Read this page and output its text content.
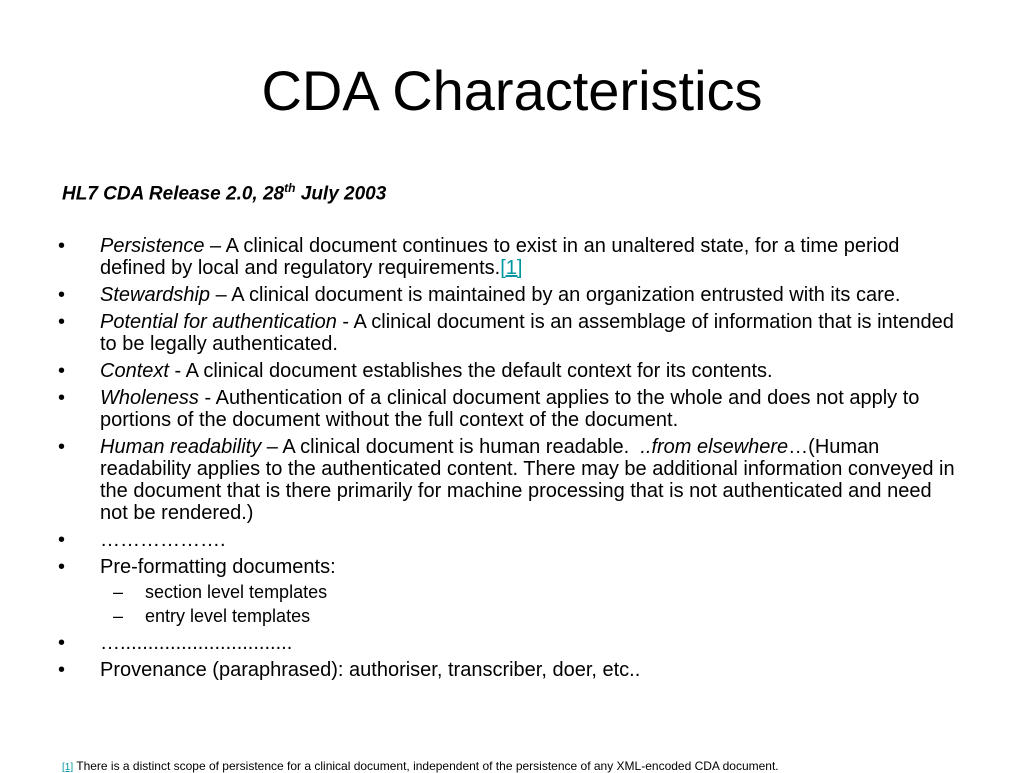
CDA Characteristics
HL7 CDA Release 2.0, 28th July 2003
• Persistence – A clinical document continues to exist in an unaltered state, for a time period defined by local and regulatory requirements.[1]
• Stewardship – A clinical document is maintained by an organization entrusted with its care.
• Potential for authentication - A clinical document is an assemblage of information that is intended to be legally authenticated.
• Context - A clinical document establishes the default context for its contents.
• Wholeness - Authentication of a clinical document applies to the whole and does not apply to portions of the document without the full context of the document.
• Human readability – A clinical document is human readable.  ..from elsewhere…(Human readability applies to the authenticated content. There may be additional information conveyed in the document that is there primarily for machine processing that is not authenticated and need not be rendered.)
• ……………….
• Pre-formatting documents:
– section level templates
– entry level templates
• …...............................
• Provenance (paraphrased): authoriser, transcriber, doer, etc..
[1] There is a distinct scope of persistence for a clinical document, independent of the persistence of any XML-encoded CDA document.
